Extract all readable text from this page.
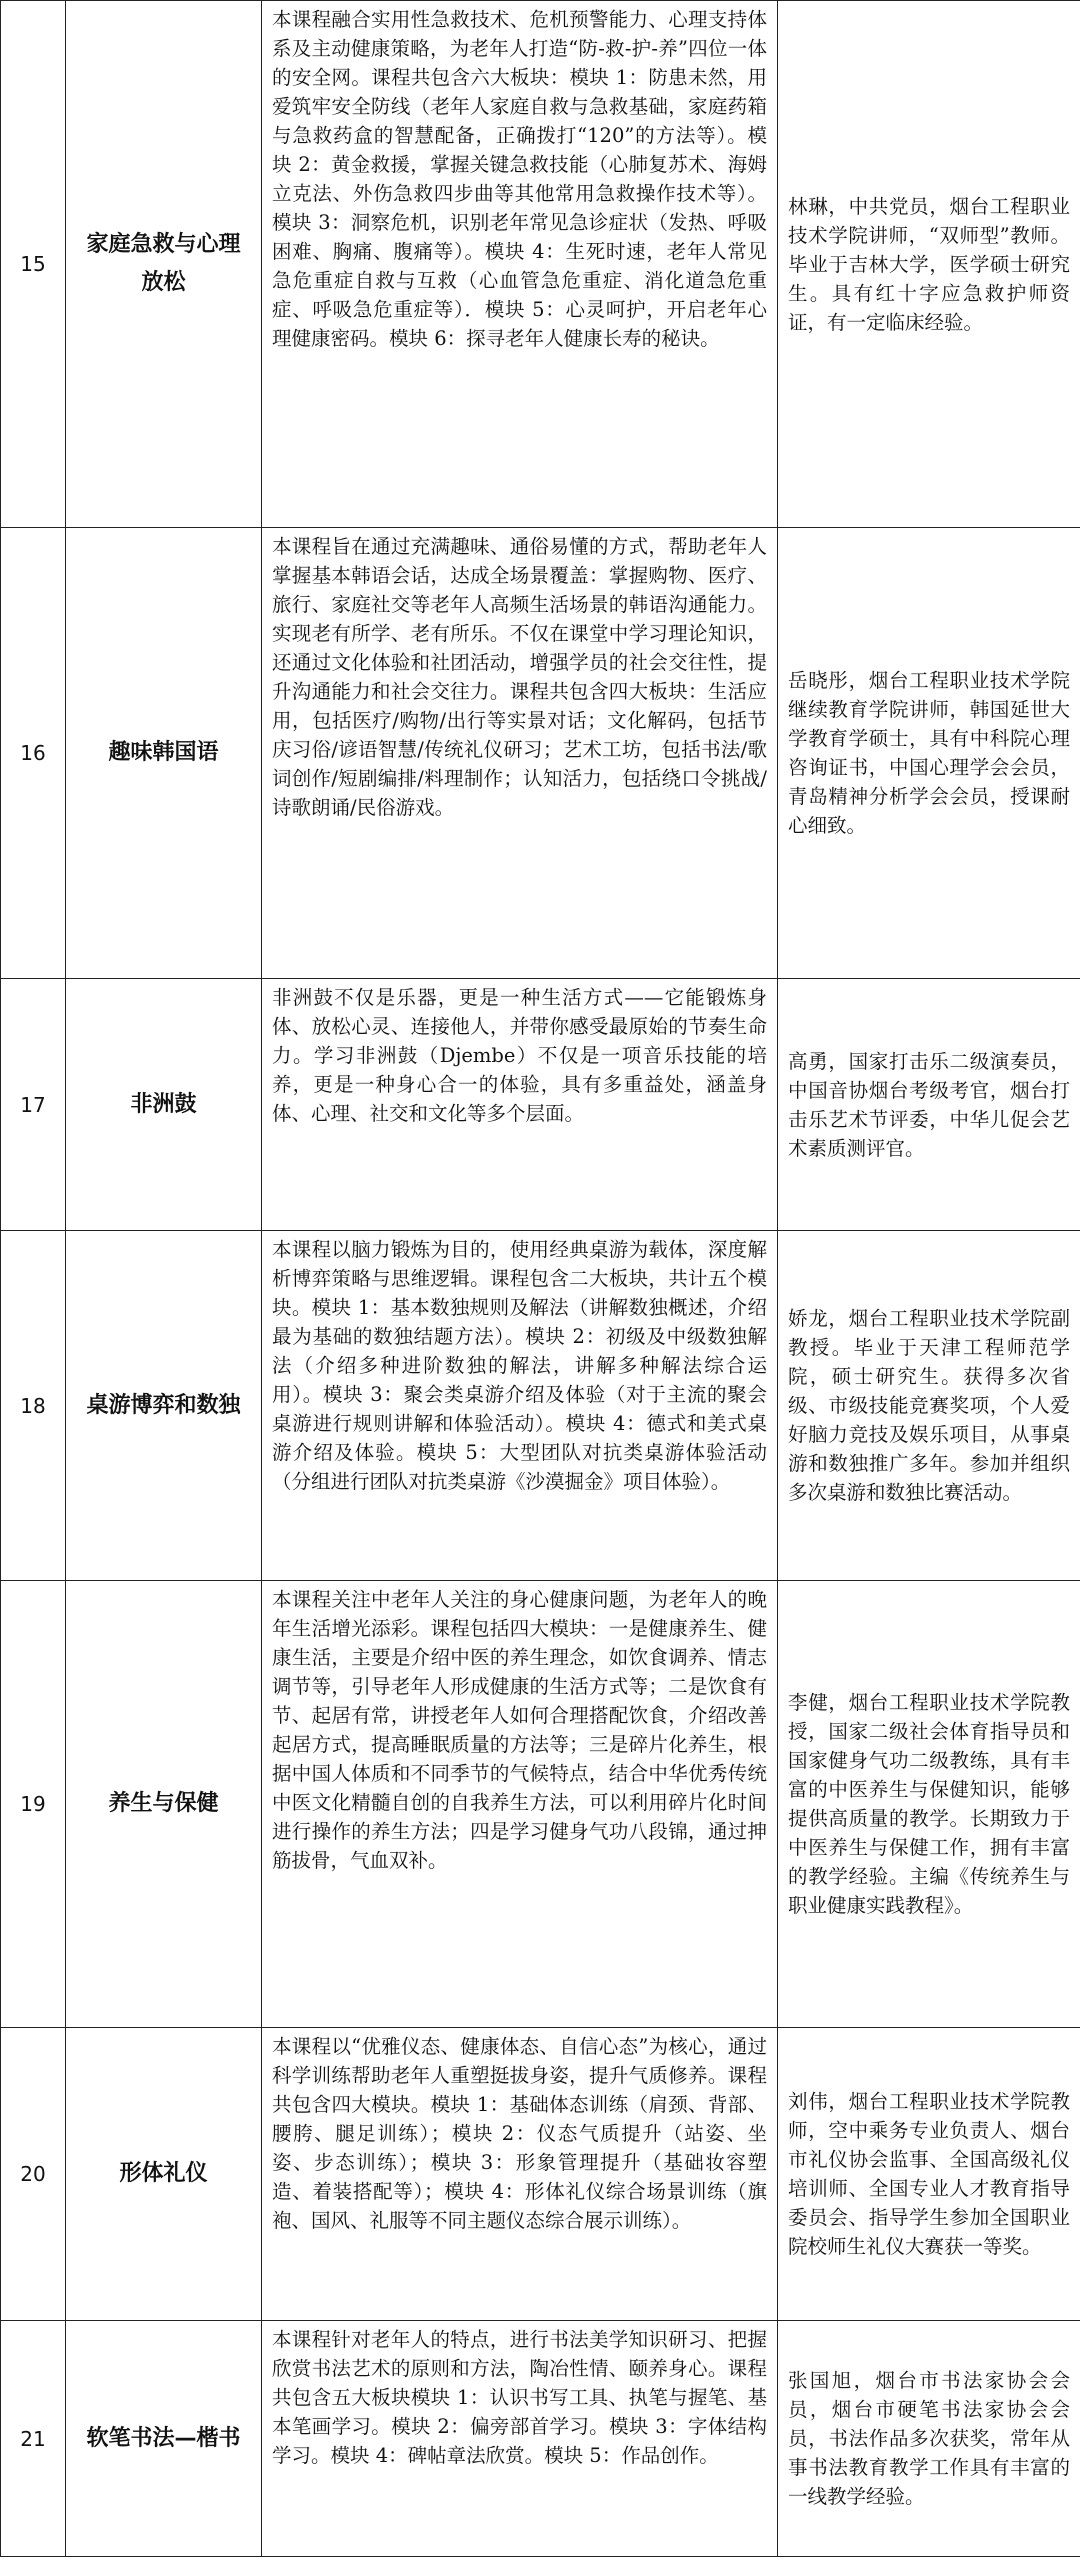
15	家庭急救与心理放松	本课程融合实用性急救技术、危机预警能力、心理支持体系及主动健康策略，为老年人打造“防-救-护-养”四位一体的安全网。课程共包含六大板块：模块 1：防患未然，用爱筑牢安全防线（老年人家庭自救与急救基础，家庭药箱与急救药盒的智慧配备，正确拨打“120”的方法等）。模块 2：黄金救援，掌握关键急救技能（心肺复苏术、海姆立克法、外伤急救四步曲等其他常用急救操作技术等）。模块 3：洞察危机，识别老年常见急诊症状（发热、呼吸困难、胸痛、腹痛等）。模块 4：生死时速，老年人常见急危重症自救与互救（心血管急危重症、消化道急危重症、呼吸急危重症等）．模块 5：心灵呵护，开启老年心理健康密码。模块 6：探寻老年人健康长寿的秘诀。	林琳，中共党员，烟台工程职业技术学院讲师，“双师型”教师。毕业于吉林大学，医学硕士研究生。具有红十字应急救护师资证，有一定临床经验。
16	趣味韩国语	本课程旨在通过充满趣味、通俗易懂的方式，帮助老年人掌握基本韩语会话，达成全场景覆盖：掌握购物、医疗、旅行、家庭社交等老年人高频生活场景的韩语沟通能力。实现老有所学、老有所乐。不仅在课堂中学习理论知识，还通过文化体验和社团活动，增强学员的社会交往性，提升沟通能力和社会交往力。课程共包含四大板块：生活应用，包括医疗/购物/出行等实景对话；文化解码，包括节庆习俗/谚语智慧/传统礼仪研习；艺术工坊，包括书法/歌词创作/短剧编排/料理制作；认知活力，包括绕口令挑战/诗歌朗诵/民俗游戏。	岳晓彤，烟台工程职业技术学院继续教育学院讲师，韩国延世大学教育学硕士，具有中科院心理咨询证书，中国心理学会会员，青岛精神分析学会会员，授课耐心细致。
17	非洲鼓	非洲鼓不仅是乐器，更是一种生活方式——它能锻炼身体、放松心灵、连接他人，并带你感受最原始的节奏生命力。学习非洲鼓（Djembe）不仅是一项音乐技能的培养，更是一种身心合一的体验，具有多重益处，涵盖身体、心理、社交和文化等多个层面。	高勇，国家打击乐二级演奏员，中国音协烟台考级考官，烟台打击乐艺术节评委，中华儿促会艺术素质测评官。
18	桌游博弈和数独	本课程以脑力锻炼为目的，使用经典桌游为载体，深度解析博弈策略与思维逻辑。课程包含二大板块，共计五个模块。模块 1：基本数独规则及解法（讲解数独概述，介绍最为基础的数独结题方法）。模块 2：初级及中级数独解法（介绍多种进阶数独的解法，讲解多种解法综合运用）。模块 3：聚会类桌游介绍及体验（对于主流的聚会桌游进行规则讲解和体验活动）。模块 4：德式和美式桌游介绍及体验。模块 5：大型团队对抗类桌游体验活动（分组进行团队对抗类桌游《沙漠掘金》项目体验）。	娇龙，烟台工程职业技术学院副教授。毕业于天津工程师范学院，硕士研究生。获得多次省级、市级技能竞赛奖项，个人爱好脑力竞技及娱乐项目，从事桌游和数独推广多年。参加并组织多次桌游和数独比赛活动。
19	养生与保健	本课程关注中老年人关注的身心健康问题，为老年人的晚年生活增光添彩。课程包括四大模块：一是健康养生、健康生活，主要是介绍中医的养生理念，如饮食调养、情志调节等，引导老年人形成健康的生活方式等；二是饮食有节、起居有常，讲授老年人如何合理搭配饮食，介绍改善起居方式，提高睡眠质量的方法等；三是碎片化养生，根据中国人体质和不同季节的气候特点，结合中华优秀传统中医文化精髓自创的自我养生方法，可以利用碎片化时间进行操作的养生方法；四是学习健身气功八段锦，通过抻筋拔骨，气血双补。	李健，烟台工程职业技术学院教授，国家二级社会体育指导员和国家健身气功二级教练，具有丰富的中医养生与保健知识，能够提供高质量的教学。长期致力于中医养生与保健工作，拥有丰富的教学经验。主编《传统养生与职业健康实践教程》。
20	形体礼仪	本课程以“优雅仪态、健康体态、自信心态”为核心，通过科学训练帮助老年人重塑挺拔身姿，提升气质修养。课程共包含四大模块。模块 1：基础体态训练（肩颈、背部、腰胯、腿足训练）；模块 2：仪态气质提升（站姿、坐姿、步态训练）；模块 3：形象管理提升（基础妆容塑造、着装搭配等）；模块 4：形体礼仪综合场景训练（旗袍、国风、礼服等不同主题仪态综合展示训练）。	刘伟，烟台工程职业技术学院教师，空中乘务专业负责人、烟台市礼仪协会监事、全国高级礼仪培训师、全国专业人才教育指导委员会、指导学生参加全国职业院校师生礼仪大赛获一等奖。
21	软笔书法—楷书	本课程针对老年人的特点，进行书法美学知识研习、把握欣赏书法艺术的原则和方法，陶冶性情、颐养身心。课程共包含五大板块模块 1：认识书写工具、执笔与握笔、基本笔画学习。模块 2：偏旁部首学习。模块 3：字体结构学习。模块 4：碑帖章法欣赏。模块 5：作品创作。	张国旭，烟台市书法家协会会员，烟台市硬笔书法家协会会员，书法作品多次获奖，常年从事书法教育教学工作具有丰富的一线教学经验。
